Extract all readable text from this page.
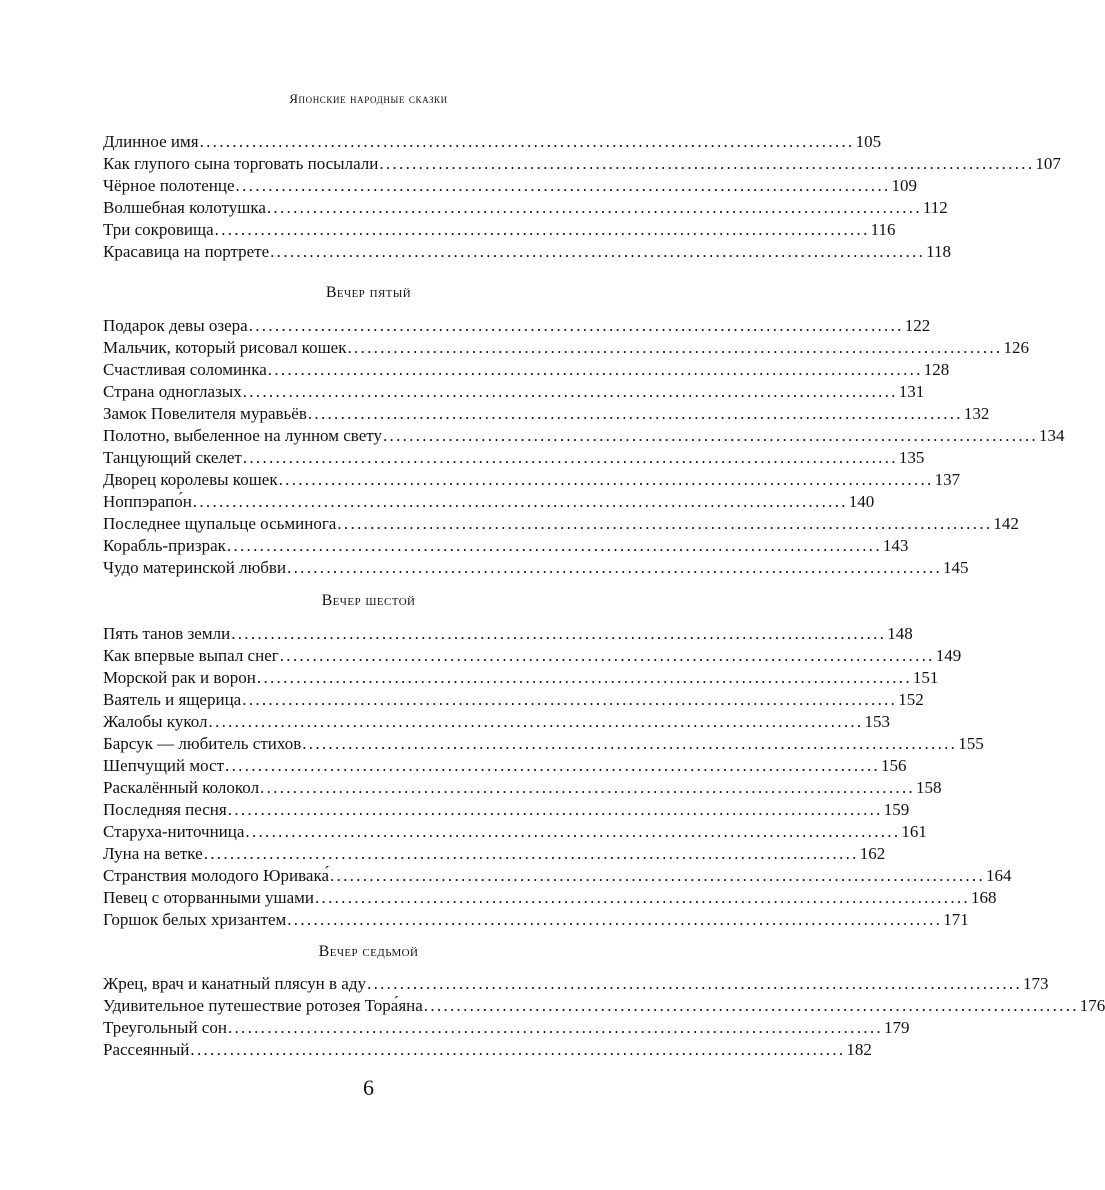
Японские народные сказки
Длинное имя .................................................................................................... 105
Как глупого сына торговать посылали .................................................................................................... 107
Чёрное полотенце .................................................................................................... 109
Волшебная колотушка .................................................................................................... 112
Три сокровища .................................................................................................... 116
Красавица на портрете .................................................................................................... 118
Вечер пятый
Подарок девы озера .................................................................................................... 122
Мальчик, который рисовал кошек .................................................................................................... 126
Счастливая соломинка .................................................................................................... 128
Страна одноглазых .................................................................................................... 131
Замок Повелителя муравьёв .................................................................................................... 132
Полотно, выбеленное на лунном свету .................................................................................................... 134
Танцующий скелет .................................................................................................... 135
Дворец королевы кошек .................................................................................................... 137
Ноппэрапо́н .................................................................................................... 140
Последнее щупальце осьминога .................................................................................................... 142
Корабль-призрак .................................................................................................... 143
Чудо материнской любви .................................................................................................... 145
Вечер шестой
Пять танов земли .................................................................................................... 148
Как впервые выпал снег .................................................................................................... 149
Морской рак и ворон .................................................................................................... 151
Ваятель и ящерица .................................................................................................... 152
Жалобы кукол .................................................................................................... 153
Барсук — любитель стихов .................................................................................................... 155
Шепчущий мост .................................................................................................... 156
Раскалённый колокол .................................................................................................... 158
Последняя песня .................................................................................................... 159
Старуха-ниточница .................................................................................................... 161
Луна на ветке .................................................................................................... 162
Странствия молодого Юривака́ .................................................................................................... 164
Певец с оторванными ушами .................................................................................................... 168
Горшок белых хризантем .................................................................................................... 171
Вечер седьмой
Жрец, врач и канатный плясун в аду .................................................................................................... 173
Удивительное путешествие ротозея Тора́яна .................................................................................................... 176
Треугольный сон .................................................................................................... 179
Рассеянный .................................................................................................... 182
6
